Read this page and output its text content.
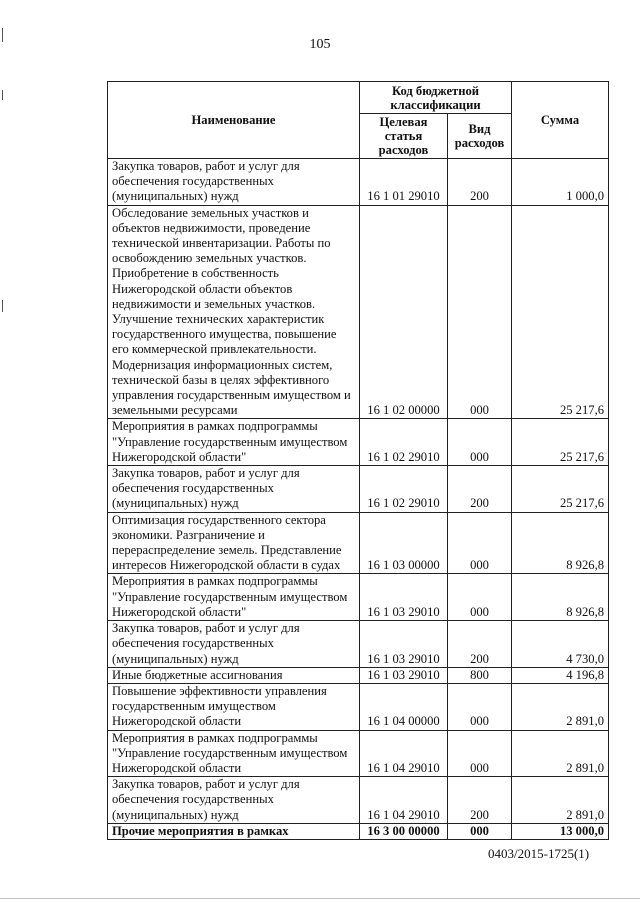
105
Наименование	Код бюджетной классификации		Сумма
	Целевая статья расходов	Вид расходов	
Закупка товаров, работ и услуг для обеспечения государственных (муниципальных) нужд	16 1 01 29010	200	1 000,0
Обследование земельных участков и объектов недвижимости, проведение технической инвентаризации. Работы по освобождению земельных участков. Приобретение в собственность Нижегородской области объектов недвижимости и земельных участков. Улучшение технических характеристик государственного имущества, повышение его коммерческой привлекательности. Модернизация информационных систем, технической базы в целях эффективного управления государственным имуществом и земельными ресурсами	16 1 02 00000	000	25 217,6
Мероприятия в рамках подпрограммы "Управление государственным имуществом Нижегородской области"	16 1 02 29010	000	25 217,6
Закупка товаров, работ и услуг для обеспечения государственных (муниципальных) нужд	16 1 02 29010	200	25 217,6
Оптимизация государственного сектора экономики. Разграничение и перераспределение земель. Представление интересов Нижегородской области в судах	16 1 03 00000	000	8 926,8
Мероприятия в рамках подпрограммы "Управление государственным имуществом Нижегородской области"	16 1 03 29010	000	8 926,8
Закупка товаров, работ и услуг для обеспечения государственных (муниципальных) нужд	16 1 03 29010	200	4 730,0
Иные бюджетные ассигнования	16 1 03 29010	800	4 196,8
Повышение эффективности управления государственным имуществом Нижегородской области	16 1 04 00000	000	2 891,0
Мероприятия в рамках подпрограммы "Управление государственным имуществом Нижегородской области	16 1 04 29010	000	2 891,0
Закупка товаров, работ и услуг для обеспечения государственных (муниципальных) нужд	16 1 04 29010	200	2 891,0
Прочие мероприятия в рамках	16 3 00 00000	000	13 000,0
0403/2015-1725(1)
